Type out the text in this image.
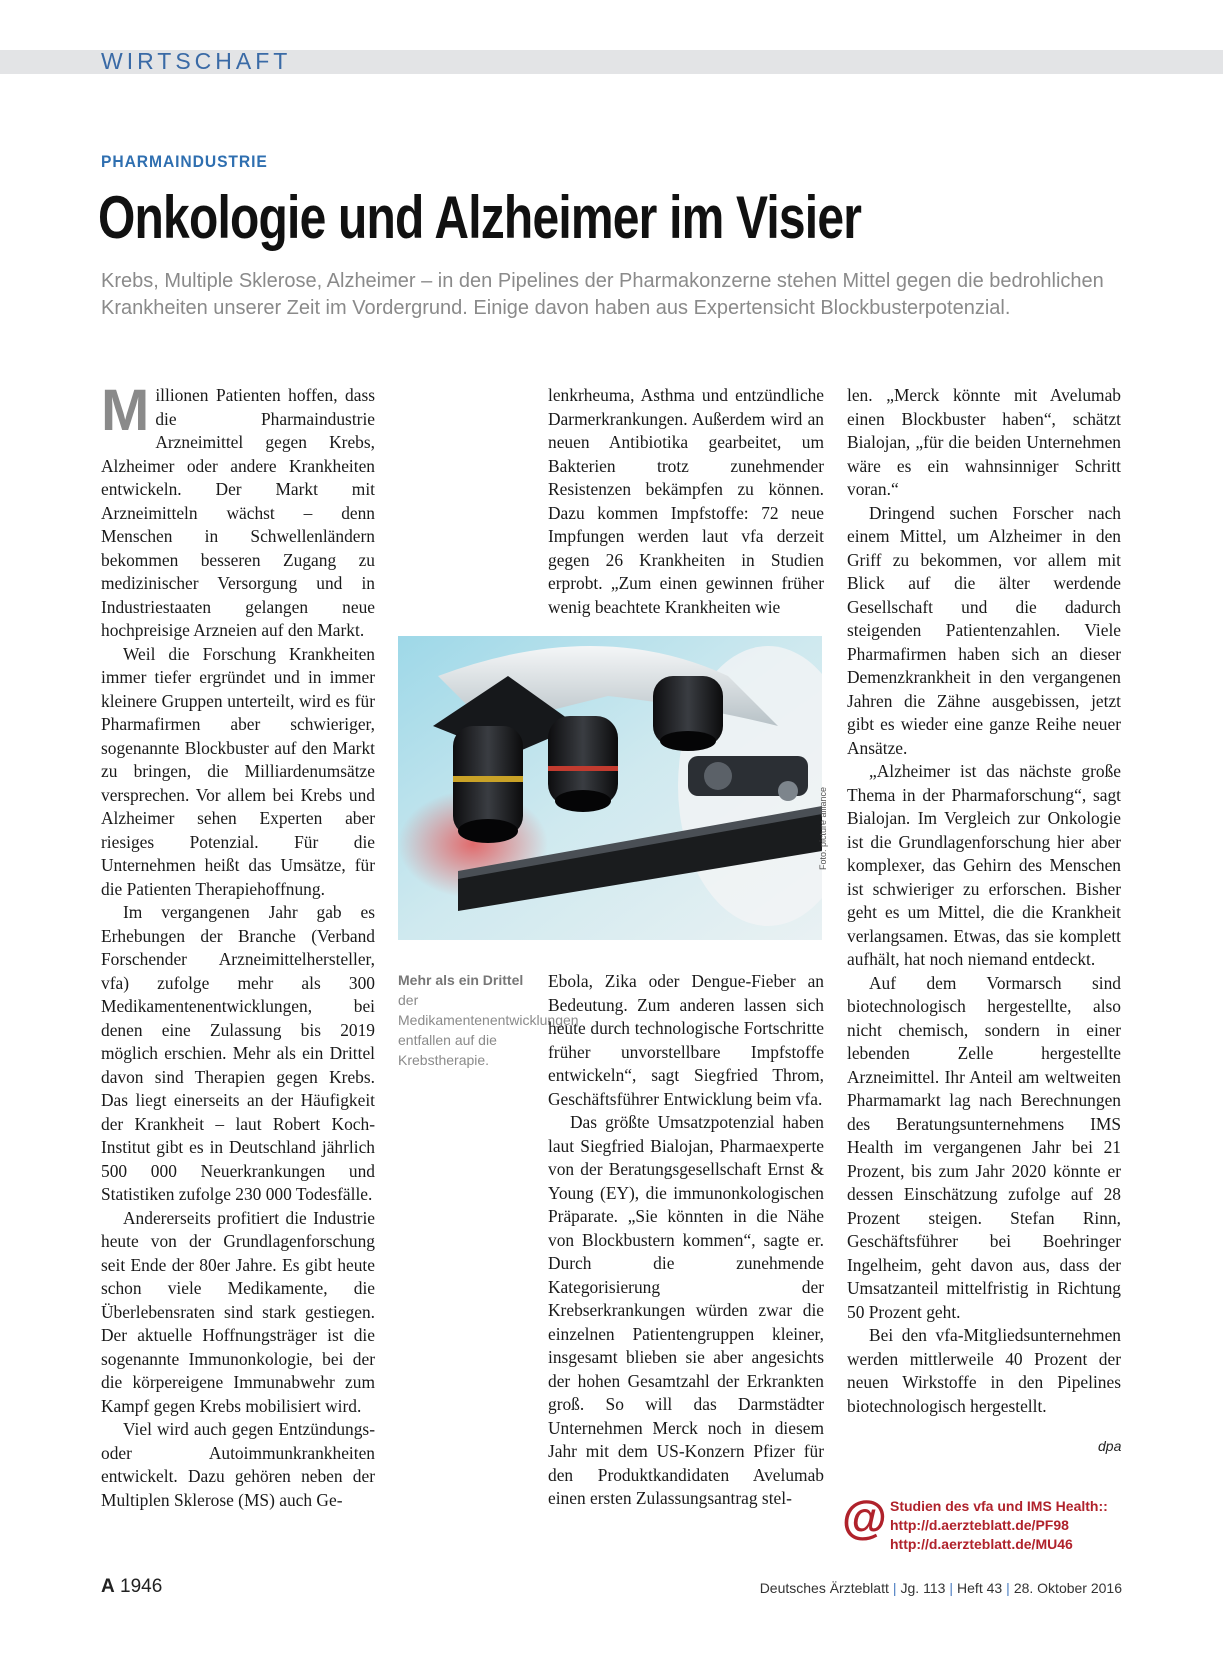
WIRTSCHAFT
PHARMAINDUSTRIE
Onkologie und Alzheimer im Visier
Krebs, Multiple Sklerose, Alzheimer – in den Pipelines der Pharmakonzerne stehen Mittel gegen die bedrohlichen Krankheiten unserer Zeit im Vordergrund. Einige davon haben aus Expertensicht Blockbusterpotenzial.

Millionen Patienten hoffen, dass die Pharmaindustrie Arzneimittel gegen Krebs, Alzheimer oder andere Krankheiten entwickeln. Der Markt mit Arzneimitteln wächst – denn Menschen in Schwellenländern bekommen besseren Zugang zu medizinischer Versorgung und in Industriestaaten gelangen neue hochpreisige Arzneien auf den Markt.

Weil die Forschung Krankheiten immer tiefer ergründet und in immer kleinere Gruppen unterteilt, wird es für Pharmafirmen aber schwieriger, sogenannte Blockbuster auf den Markt zu bringen, die Milliardenumsätze versprechen. Vor allem bei Krebs und Alzheimer sehen Experten aber riesiges Potenzial. Für die Unternehmen heißt das Umsätze, für die Patienten Therapiehoffnung.

Im vergangenen Jahr gab es Erhebungen der Branche (Verband Forschender Arzneimittelhersteller, vfa) zufolge mehr als 300 Medikamentenentwicklungen, bei denen eine Zulassung bis 2019 möglich erschien. Mehr als ein Drittel davon sind Therapien gegen Krebs. Das liegt einerseits an der Häufigkeit der Krankheit – laut Robert Koch-Institut gibt es in Deutschland jährlich 500 000 Neuerkrankungen und Statistiken zufolge 230 000 Todesfälle.

Andererseits profitiert die Industrie heute von der Grundlagenforschung seit Ende der 80er Jahre. Es gibt heute schon viele Medikamente, die Überlebensraten sind stark gestiegen. Der aktuelle Hoffnungsträger ist die sogenannte Immunonkologie, bei der die körpereigene Immunabwehr zum Kampf gegen Krebs mobilisiert wird.

Viel wird auch gegen Entzündungs- oder Autoimmunkrankheiten entwickelt. Dazu gehören neben der Multiplen Sklerose (MS) auch Ge-

lenkrheuma, Asthma und entzündliche Darmerkrankungen. Außerdem wird an neuen Antibiotika gearbeitet, um Bakterien trotz zunehmender Resistenzen bekämpfen zu können. Dazu kommen Impfstoffe: 72 neue Impfungen werden laut vfa derzeit gegen 26 Krankheiten in Studien erprobt. „Zum einen gewinnen früher wenig beachtete Krankheiten wie

Foto: picture alliance
Mehr als ein Drittel
der Medikamentenentwicklungen entfallen auf die Krebstherapie.

Ebola, Zika oder Dengue-Fieber an Bedeutung. Zum anderen lassen sich heute durch technologische Fortschritte früher unvorstellbare Impfstoffe entwickeln“, sagt Siegfried Throm, Geschäftsführer Entwicklung beim vfa.

Das größte Umsatzpotenzial haben laut Siegfried Bialojan, Pharmaexperte von der Beratungsgesellschaft Ernst & Young (EY), die immunonkologischen Präparate. „Sie könnten in die Nähe von Blockbustern kommen“, sagte er. Durch die zunehmende Kategorisierung der Krebserkrankungen würden zwar die einzelnen Patientengruppen kleiner, insgesamt blieben sie aber angesichts der hohen Gesamtzahl der Erkrankten groß. So will das Darmstädter Unternehmen Merck noch in diesem Jahr mit dem US-Konzern Pfizer für den Produktkandidaten Avelumab einen ersten Zulassungsantrag stel-

len. „Merck könnte mit Avelumab einen Blockbuster haben“, schätzt Bialojan, „für die beiden Unternehmen wäre es ein wahnsinniger Schritt voran.“

Dringend suchen Forscher nach einem Mittel, um Alzheimer in den Griff zu bekommen, vor allem mit Blick auf die älter werdende Gesellschaft und die dadurch steigenden Patientenzahlen. Viele Pharmafirmen haben sich an dieser Demenzkrankheit in den vergangenen Jahren die Zähne ausgebissen, jetzt gibt es wieder eine ganze Reihe neuer Ansätze.

„Alzheimer ist das nächste große Thema in der Pharmaforschung“, sagt Bialojan. Im Vergleich zur Onkologie ist die Grundlagenforschung hier aber komplexer, das Gehirn des Menschen ist schwieriger zu erforschen. Bisher geht es um Mittel, die die Krankheit verlangsamen. Etwas, das sie komplett aufhält, hat noch niemand entdeckt.

Auf dem Vormarsch sind biotechnologisch hergestellte, also nicht chemisch, sondern in einer lebenden Zelle hergestellte Arzneimittel. Ihr Anteil am weltweiten Pharmamarkt lag nach Berechnungen des Beratungsunternehmens IMS Health im vergangenen Jahr bei 21 Prozent, bis zum Jahr 2020 könnte er dessen Einschätzung zufolge auf 28 Prozent steigen. Stefan Rinn, Geschäftsführer bei Boehringer Ingelheim, geht davon aus, dass der Umsatzanteil mittelfristig in Richtung 50 Prozent geht.

Bei den vfa-Mitgliedsunternehmen werden mittlerweile 40 Prozent der neuen Wirkstoffe in den Pipelines biotechnologisch hergestellt.

dpa
@ Studien des vfa und IMS Health::
http://d.aerzteblatt.de/PF98
http://d.aerzteblatt.de/MU46
A 1946	Deutsches Ärzteblatt | Jg. 113 | Heft 43 | 28. Oktober 2016
